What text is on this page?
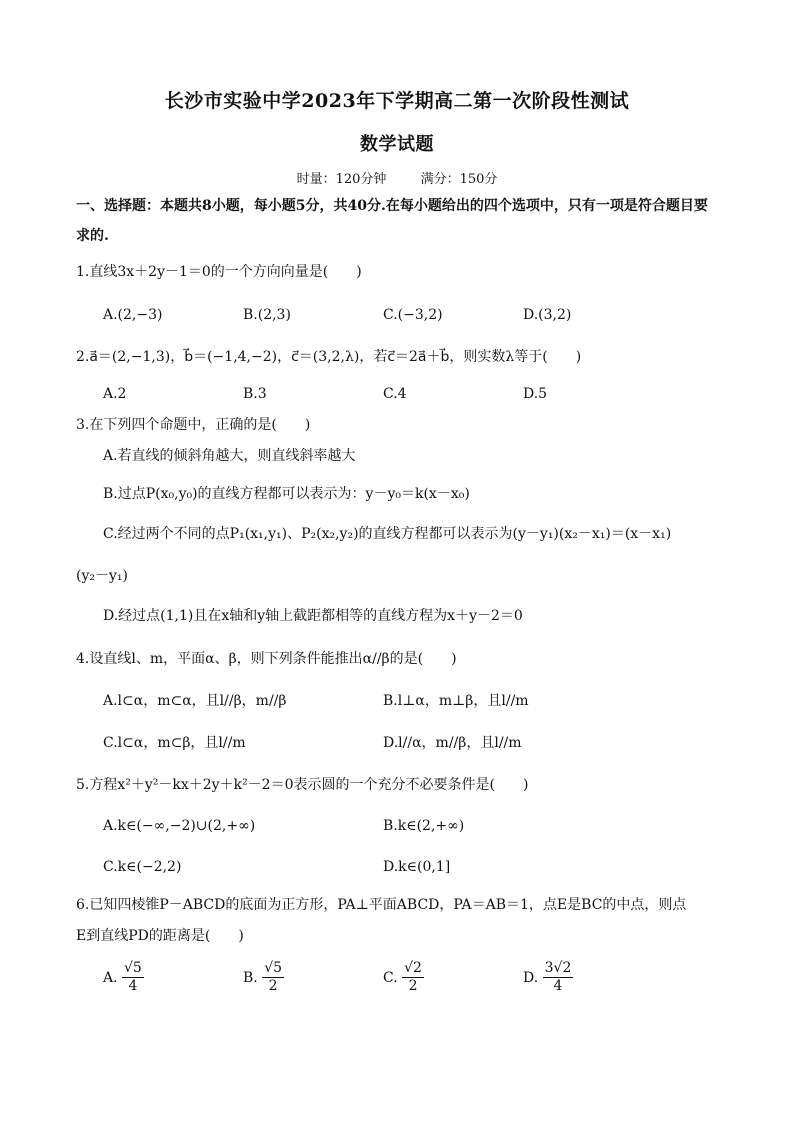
长沙市实验中学2023年下学期高二第一次阶段性测试
数学试题
时量：120分钟	满分：150分
一、选择题：本题共8小题，每小题5分，共40分.在每小题给出的四个选项中，只有一项是符合题目要
求的.
1.直线3x＋2y－1＝0的一个方向向量是(　　)
A.(2,−3)	B.(2,3)	C.(−3,2)	D.(3,2)
2.a⃗＝(2,−1,3)，b⃗＝(−1,4,−2)，c⃗＝(3,2,λ)，若c⃗＝2a⃗＋b⃗，则实数λ等于(　　)
A.2	B.3	C.4	D.5
3.在下列四个命题中，正确的是(　　)
A.若直线的倾斜角越大，则直线斜率越大
B.过点P(x₀,y₀)的直线方程都可以表示为：y－y₀＝k(x－x₀)
C.经过两个不同的点P₁(x₁,y₁)、P₂(x₂,y₂)的直线方程都可以表示为(y－y₁)(x₂－x₁)＝(x－x₁)
(y₂－y₁)
D.经过点(1,1)且在x轴和y轴上截距都相等的直线方程为x＋y－2＝0
4.设直线l、m，平面α、β，则下列条件能推出α//β的是(　　)
A.l⊂α，m⊂α，且l//β，m//β	B.l⊥α，m⊥β，且l//m
C.l⊂α，m⊂β，且l//m	D.l//α，m//β，且l//m
5.方程x²＋y²－kx＋2y＋k²－2＝0表示圆的一个充分不必要条件是(　　)
A.k∈(−∞,−2)∪(2,+∞)	B.k∈(2,+∞)
C.k∈(−2,2)	D.k∈(0,1]
6.已知四棱锥P－ABCD的底面为正方形，PA⊥平面ABCD，PA＝AB＝1，点E是BC的中点，则点
E到直线PD的距离是(　　)
A. $\frac{√5}{4}$	B. $\frac{√5}{2}$	C. $\frac{√2}{2}$	D. $\frac{3√2}{4}$
